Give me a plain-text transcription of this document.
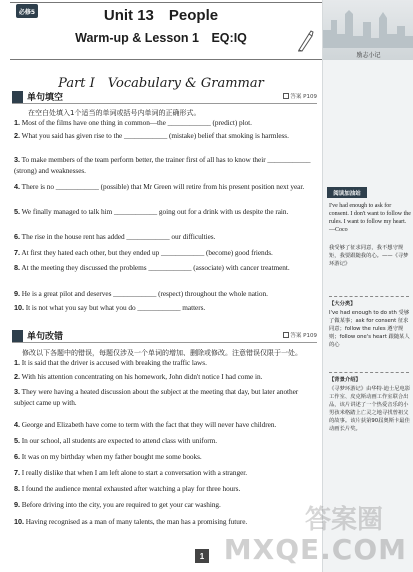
必修5	Unit 13　People
Warm-up & Lesson 1　EQ:IQ
Part Ⅰ　Vocabulary & Grammar
单句填空	答案 P109
在空白处填入1个适当的单词或括号内单词的正确形式。
1. Most of the films have one thing in common—the ____________ (predict) plot.
2. What you said has given rise to the ____________ (mistake) belief that smoking is harmless.
3. To make members of the team perform better, the trainer first of all has to know their ____________ (strong) and weaknesses.
4. There is no ____________ (possible) that Mr Green will retire from his present position next year.
5. We finally managed to talk him ____________ going out for a drink with us despite the rain.
6. The rise in the house rent has added ____________ our difficulties.
7. At first they hated each other, but they ended up ____________ (become) good friends.
8. At the meeting they discussed the problems ____________ (associate) with cancer treatment.
9. He is a great pilot and deserves ____________ (respect) throughout the whole nation.
10. It is not what you say but what you do ____________ matters.
单句改错	答案 P109
修改以下各题中的错误，每题仅涉及一个单词的增加、删除或修改。注意错误仅限于一处。
1. It is said that the driver is accused with breaking the traffic laws.
2. With his attention concentrating on his homework, John didn't notice I had come in.
3. They were having a heated discussion about the subject at the meeting that day, but later another subject came up with.
4. George and Elizabeth have come to term with the fact that they will never have children.
5. In our school, all students are expected to attend class with uniform.
6. It was on my birthday when my father bought me some books.
7. I really dislike that when I am left alone to start a conversation with a stranger.
8. I found the audience mental exhausted after watching a play for three hours.
9. Before driving into the city, you are required to get your car washing.
10. Having recognised as a man of many talents, the man has a promising future.
1
励志小记
阅读加油站
I've had enough to ask for consent. I don't want to follow the rules. I want to follow my heart. —Coco
我受够了征求同意，我不想守规矩，我要跟随我的心。——《寻梦环游记》
【大分类】
I've had enough to do sth 受够了做某事；ask for consent 征求同意；follow the rules 遵守规则；follow one's heart 跟随某人的心
【背景介绍】
《寻梦环游记》由华特·迪士尼电影工作室、皮克斯动画工作室联合出品，该片讲述了一个热爱音乐的小男孩米格踏上亡灵之地寻找曾祖父的故事。该片获第90届奥斯卡最佳动画长片奖。
答案圈
MXQE.COM
